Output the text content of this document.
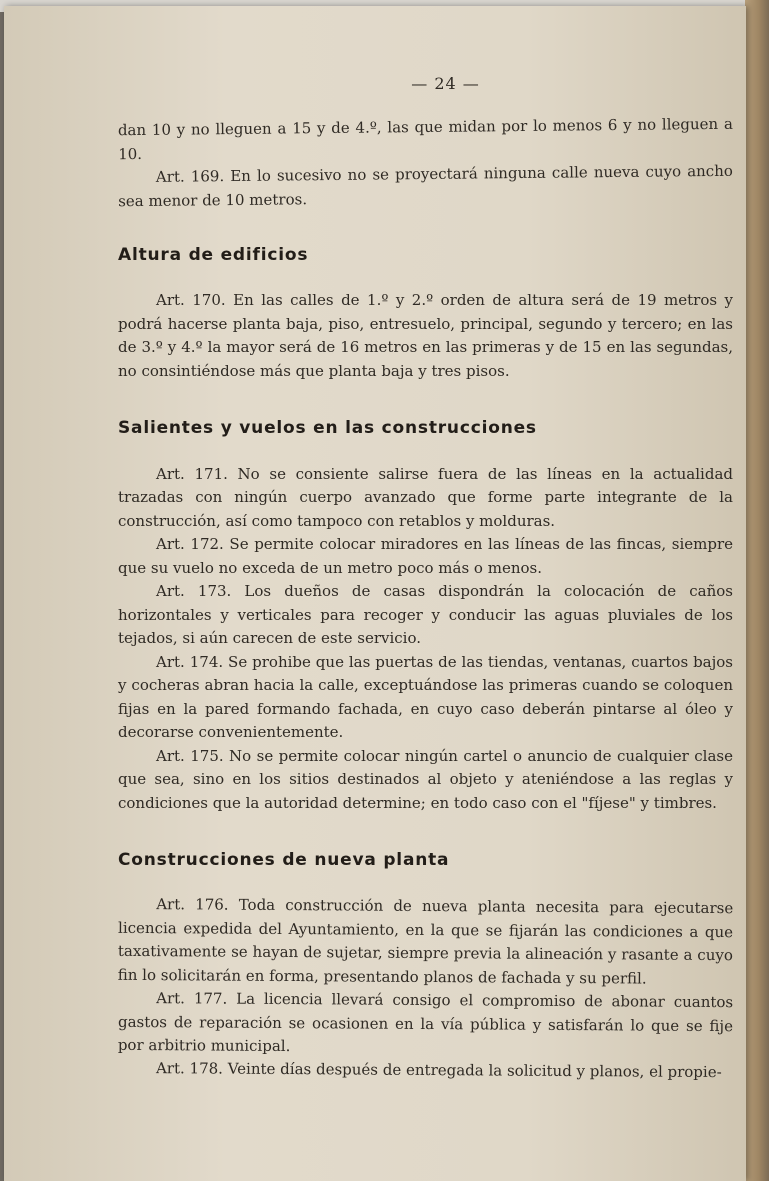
— 24 —

dan 10 y no lleguen a 15 y de 4.º, las que midan por lo menos 6 y no lleguen a 10.

Art. 169. En lo sucesivo no se proyectará ninguna calle nueva cuyo ancho sea menor de 10 metros.

Altura de edificios

Art. 170. En las calles de 1.º y 2.º orden de altura será de 19 metros y podrá hacerse planta baja, piso, entresuelo, principal, segundo y tercero; en las de 3.º y 4.º la mayor será de 16 metros en las primeras y de 15 en las segundas, no consintiéndose más que planta baja y tres pisos.

Salientes y vuelos en las construcciones

Art. 171. No se consiente salirse fuera de las líneas en la actualidad trazadas con ningún cuerpo avanzado que forme parte integrante de la construcción, así como tampoco con retablos y molduras.

Art. 172. Se permite colocar miradores en las líneas de las fincas, siempre que su vuelo no exceda de un metro poco más o menos.

Art. 173. Los dueños de casas dispondrán la colocación de caños horizontales y verticales para recoger y conducir las aguas pluviales de los tejados, si aún carecen de este servicio.

Art. 174. Se prohibe que las puertas de las tiendas, ventanas, cuartos bajos y cocheras abran hacia la calle, exceptuándose las primeras cuando se coloquen fijas en la pared formando fachada, en cuyo caso deberán pintarse al óleo y decorarse convenientemente.

Art. 175. No se permite colocar ningún cartel o anuncio de cualquier clase que sea, sino en los sitios destinados al objeto y ateniéndose a las reglas y condiciones que la autoridad determine; en todo caso con el "fíjese" y timbres.

Construcciones de nueva planta

Art. 176. Toda construcción de nueva planta necesita para ejecutarse licencia expedida del Ayuntamiento, en la que se fijarán las condiciones a que taxativamente se hayan de sujetar, siempre previa la alineación y rasante a cuyo fin lo solicitarán en forma, presentando planos de fachada y su perfil.

Art. 177. La licencia llevará consigo el compromiso de abonar cuantos gastos de reparación se ocasionen en la vía pública y satisfarán lo que se fije por arbitrio municipal.

Art. 178. Veinte días después de entregada la solicitud y planos, el propie-
